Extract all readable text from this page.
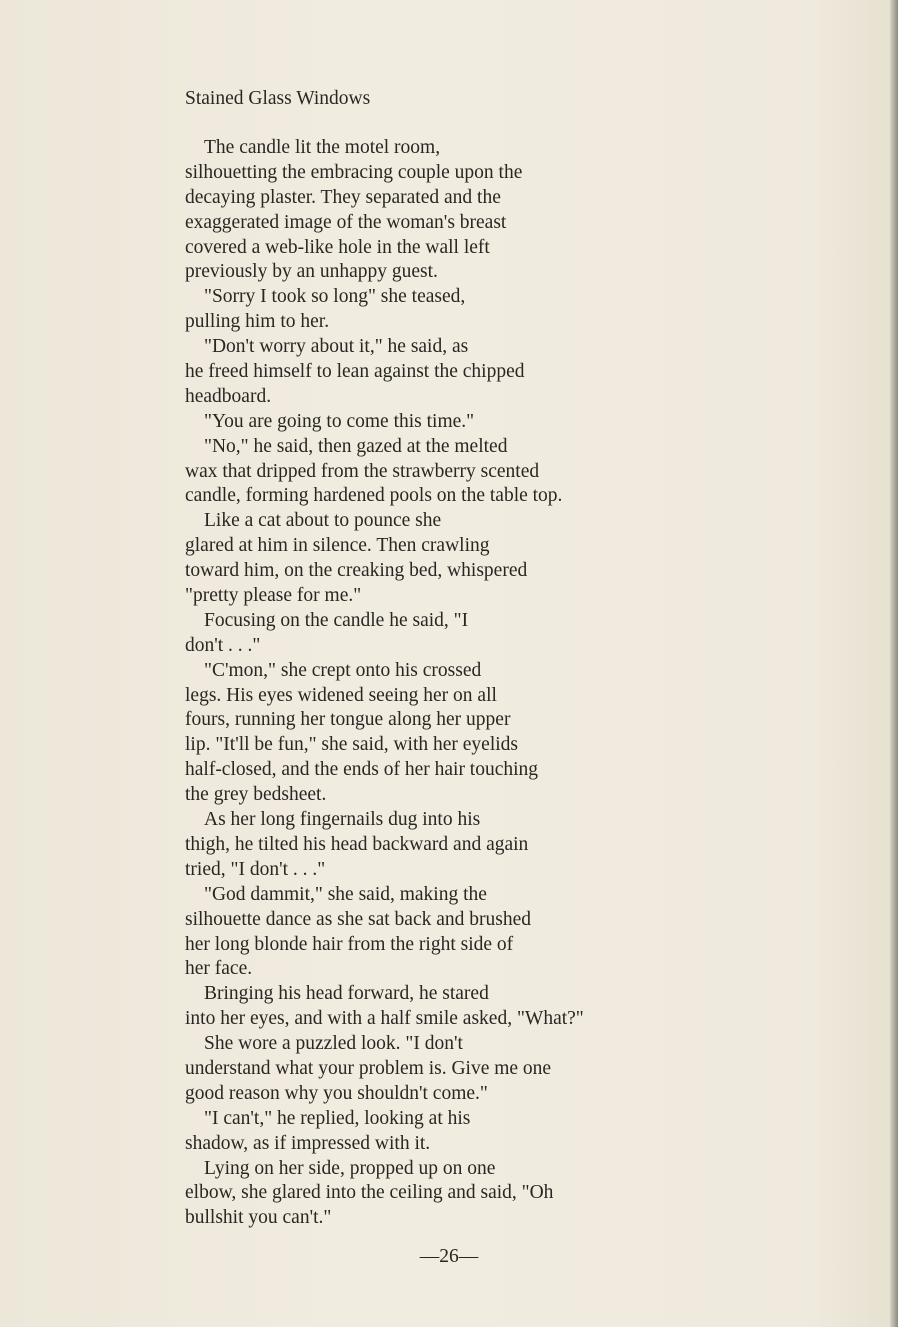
Stained Glass Windows
The candle lit the motel room,
silhouetting the embracing couple upon the
decaying plaster. They separated and the
exaggerated image of the woman's breast
covered a web-like hole in the wall left
previously by an unhappy guest.
"Sorry I took so long" she teased,
pulling him to her.
"Don't worry about it," he said, as
he freed himself to lean against the chipped
headboard.
"You are going to come this time."
"No," he said, then gazed at the melted
wax that dripped from the strawberry scented
candle, forming hardened pools on the table top.
Like a cat about to pounce she
glared at him in silence. Then crawling
toward him, on the creaking bed, whispered
"pretty please for me."
Focusing on the candle he said, "I
don't . . ."
"C'mon," she crept onto his crossed
legs. His eyes widened seeing her on all
fours, running her tongue along her upper
lip. "It'll be fun," she said, with her eyelids
half-closed, and the ends of her hair touching
the grey bedsheet.
As her long fingernails dug into his
thigh, he tilted his head backward and again
tried, "I don't . . ."
"God dammit," she said, making the
silhouette dance as she sat back and brushed
her long blonde hair from the right side of
her face.
Bringing his head forward, he stared
into her eyes, and with a half smile asked, "What?"
She wore a puzzled look. "I don't
understand what your problem is. Give me one
good reason why you shouldn't come."
"I can't," he replied, looking at his
shadow, as if impressed with it.
Lying on her side, propped up on one
elbow, she glared into the ceiling and said, "Oh
bullshit you can't."
—26—
